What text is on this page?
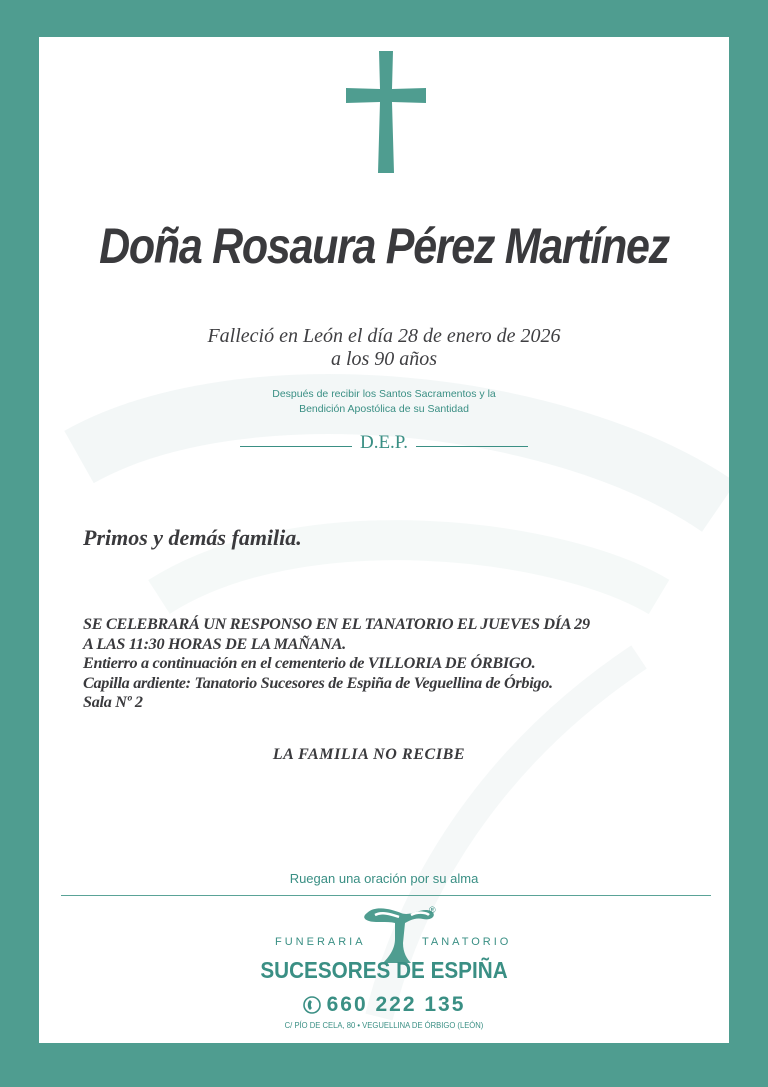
Doña Rosaura Pérez Martínez
Falleció en León el día 28 de enero de 2026
a los 90 años
Después de recibir los Santos Sacramentos y la
Bendición Apostólica de su Santidad
D.E.P.
Primos y demás familia.
SE CELEBRARÁ UN RESPONSO EN EL TANATORIO EL JUEVES DÍA 29
A LAS 11:30 HORAS DE LA MAÑANA.
Entierro a continuación en el cementerio de VILLORIA DE ÓRBIGO.
Capilla ardiente: Tanatorio Sucesores de Espiña de Veguellina de Órbigo.
Sala Nº 2
LA FAMILIA NO RECIBE
Ruegan una oración por su alma
®
FUNERARIA	TANATORIO
SUCESORES DE ESPIÑA
660 222 135
C/ PÍO DE CELA, 80 • VEGUELLINA DE ÓRBIGO (LEÓN)
